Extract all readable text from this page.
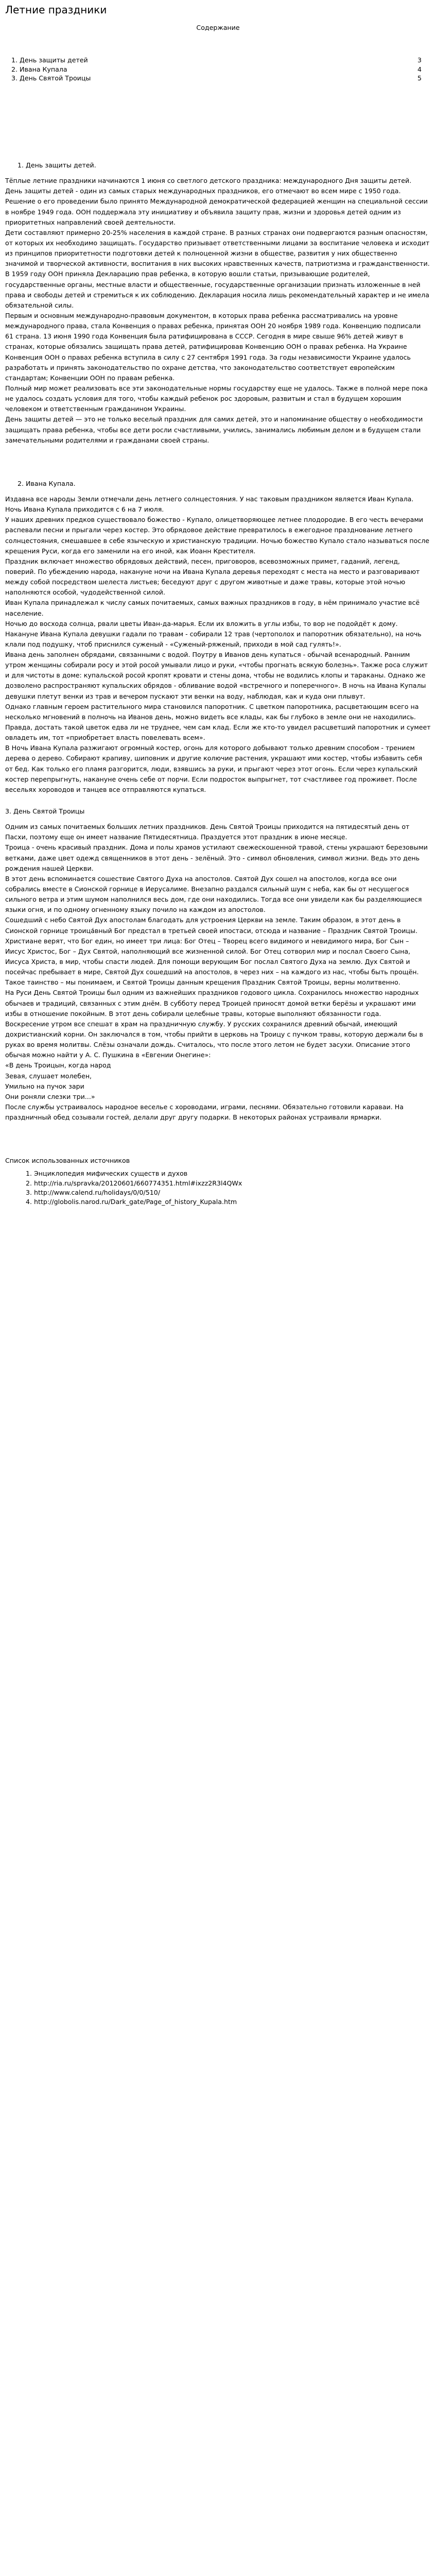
Летние праздники
Содержание
1. День защиты детей	3
2. Ивана Купала	4
3. День Святой Троицы	5
1. День защиты детей.

Тёплые летние праздники начинаются 1 июня со светлого детского праздника: международного Дня защиты детей.

День защиты детей - один из самых старых международных праздников, его отмечают во всем мире с 1950 года. Решение о его проведении было принято Международной демократической федерацией женщин на специальной сессии в ноябре 1949 года. ООН поддержала эту инициативу и объявила защиту прав, жизни и здоровья детей одним из приоритетных направлений своей деятельности.

Дети составляют примерно 20-25% населения в каждой стране. В разных странах они подвергаются разным опасностям, от которых их необходимо защищать. Государство призывает ответственными лицами за воспитание человека и исходит из принципов приоритетности подготовки детей к полноценной жизни в обществе, развития у них общественно значимой и творческой активности, воспитания в них высоких нравственных качеств, патриотизма и гражданственности.

В 1959 году ООН приняла Декларацию прав ребенка, в которую вошли статьи, призывающие родителей, государственные органы, местные власти и общественные, государственные организации признать изложенные в ней права и свободы детей и стремиться к их соблюдению. Декларация носила лишь рекомендательный характер и не имела обязательной силы.

Первым и основным международно-правовым документом, в которых права ребенка рассматривались на уровне международного права, стала Конвенция о правах ребенка, принятая ООН 20 ноября 1989 года. Конвенцию подписали 61 страна. 13 июня 1990 года Конвенция была ратифицирована в СССР. Сегодня в мире свыше 96% детей живут в странах, которые обязались защищать права детей, ратифицировав Конвенцию ООН о правах ребенка. На Украине Конвенция ООН о правах ребенка вступила в силу с 27 сентября 1991 года. За годы независимости Украине удалось разработать и принять законодательство по охране детства, что законодательство соответствует европейским стандартам; Конвенции ООН по правам ребенка.

Полный мир может реализовать все эти законодательные нормы государству еще не удалось. Также в полной мере пока не удалось создать условия для того, чтобы каждый ребенок рос здоровым, развитым и стал в будущем хорошим человеком и ответственным гражданином Украины.

День защиты детей — это не только веселый праздник для самих детей, это и напоминание обществу о необходимости защищать права ребенка, чтобы все дети росли счастливыми, учились, занимались любимым делом и в будущем стали замечательными родителями и гражданами своей страны.

2. Ивана Купала.

Издавна все народы Земли отмечали день летнего солнцестояния. У нас таковым праздником является Иван Купала. Ночь Ивана Купала приходится с 6 на 7 июля.

У наших древних предков существовало божество - Купало, олицетворяющее летнее плодородие. В его честь вечерами распевали песни и прыгали через костер. Это обрядовое действие превратилось в ежегодное празднование летнего солнцестояния, смешавшее в себе языческую и христианскую традиции. Ночью божество Купало стало называться после крещения Руси, когда его заменили на его иной, как Иоанн Крестителя.

Праздник включает множество обрядовых действий, песен, приговоров, всевозможных примет, гаданий, легенд, поверий. По убеждению народа, накануне ночи на Ивана Купала деревья переходят с места на место и разговаривают между собой посредством шелеста листьев; беседуют друг с другом животные и даже травы, которые этой ночью наполняются особой, чудодейственной силой.

Иван Купала принадлежал к числу самых почитаемых, самых важных праздников в году, в нём принимало участие всё население.

Ночью до восхода солнца, рвали цветы Иван-да-марья. Если их вложить в углы избы, то вор не подойдёт к дому. Накануне Ивана Купала девушки гадали по травам - собирали 12 трав (чертополох и папоротник обязательно), на ночь клали под подушку, чтоб приснился суженый - «Суженый-ряженый, приходи в мой сад гулять!».

Ивана день заполнен обрядами, связанными с водой. Поутру в Иванов день купаться - обычай всенародный. Ранним утром женщины собирали росу и этой росой умывали лицо и руки, «чтобы прогнать всякую болезнь». Также роса служит и для чистоты в доме: купальской росой кропят кровати и стены дома, чтобы не водились клопы и тараканы. Однако же дозволено распространяют купальских обрядов - обливание водой «встречного и поперечного». В ночь на Ивана Купалы девушки плетут венки из трав и вечером пускают эти венки на воду, наблюдая, как и куда они плывут.

Однако главным героем растительного мира становился папоротник. С цветком папоротника, расцветающим всего на несколько мгновений в полночь на Иванов день, можно видеть все клады, как бы глубоко в земле они не находились. Правда, достать такой цветок едва ли не труднее, чем сам клад. Если же кто-то увидел расцветший папоротник и сумеет овладеть им, тот «приобретает власть повелевать всем».

В Ночь Ивана Купала разжигают огромный костер, огонь для которого добывают только древним способом - трением дерева о дерево. Собирают крапиву, шиповник и другие колючие растения, украшают ими костер, чтобы избавить себя от бед. Как только его пламя разгорится, люди, взявшись за руки, и прыгают через этот огонь. Если через купальский костер перепрыгнуть, накануне очень себе от порчи. Если подросток выпрыгнет, тот счастливее год проживет. После весельях хороводов и танцев все отправляются купаться.

3. День Святой Троицы

Одним из самых почитаемых больших летних праздников. День Святой Троицы приходится на пятидесятый день от Пасхи, поэтому еще он имеет название Пятидесятница. Праздуется этот праздник в июне месяце.

Троица - очень красивый праздник. Дома и полы храмов устилают свежескошенной травой, стены украшают березовыми ветками, даже цвет одежд священников в этот день - зелёный. Это - символ обновления, символ жизни. Ведь это день рождения нашей Церкви.

В этот день вспоминается сошествие Святого Духа на апостолов. Святой Дух сошел на апостолов, когда все они собрались вместе в Сионской горнице в Иерусалиме. Внезапно раздался сильный шум с неба, как бы от несущегося сильного ветра и этим шумом наполнился весь дом, где они находились. Тогда все они увидели как бы разделяющиеся языки огня, и по одному огненному языку почило на каждом из апостолов.

Сошедший с небо Святой Дух апостолам благодать для устроения Церкви на земле. Таким образом, в этот день в Сионской горнице троица́вный Бог предстал в третьей своей ипостаси, отсюда и название – Праздник Святой Троицы. Христиане верят, что Бог един, но имеет три лица: Бог Отец – Творец всего видимого и невидимого мира, Бог Сын – Иисус Христос, Бог – Дух Святой, наполняющий все жизненной силой. Бог Отец сотворил мир и послал Своего Сына, Иисуса Христа, в мир, чтобы спасти людей. Для помощи верующим Бог послал Святого Духа на землю. Дух Святой и посейчас пребывает в мире, Святой Дух сошедший на апостолов, в через них – на каждого из нас, чтобы быть прощён. Такое таинство – мы понимаем, и Святой Троицы данным крещения Праздник Святой Троицы, верны молитвенно.

На Руси День Святой Троицы был одним из важнейших праздников годового цикла. Сохранилось множество народных обычаев и традиций, связанных с этим днём. В субботу перед Троицей приносят домой ветки берёзы и украшают ими избы в отношение покойным. В этот день собирали целебные травы, которые выполняют обязанности года.

Воскресение утром все спешат в храм на праздничную службу. У русских сохранился древний обычай, имеющий дохристианский корни. Он заключался в том, чтобы прийти в церковь на Троицу с пучком травы, которую держали бы в руках во время молитвы. Слёзы означали дождь. Считалось, что после этого летом не будет засухи. Описание этого обычая можно найти у А. С. Пушкина в «Евгении Онегине»:

«В день Троицын, когда народ

Зевая, слушает молебен,

Умильно на пучок зари

Они роняли слезки три...»

После службы устраивалось народное веселье с хороводами, играми, песнями. Обязательно готовили караваи. На праздничный обед созывали гостей, делали друг другу подарки. В некоторых районах устраивали ярмарки.

Список использованных источников
1. Энциклопедия мифических существ и духов
2. http://ria.ru/spravka/20120601/660774351.html#ixzz2R3l4QWx
3. http://www.calend.ru/holidays/0/0/510/
4. http://globolis.narod.ru/Dark_gate/Page_of_history_Kupala.htm
